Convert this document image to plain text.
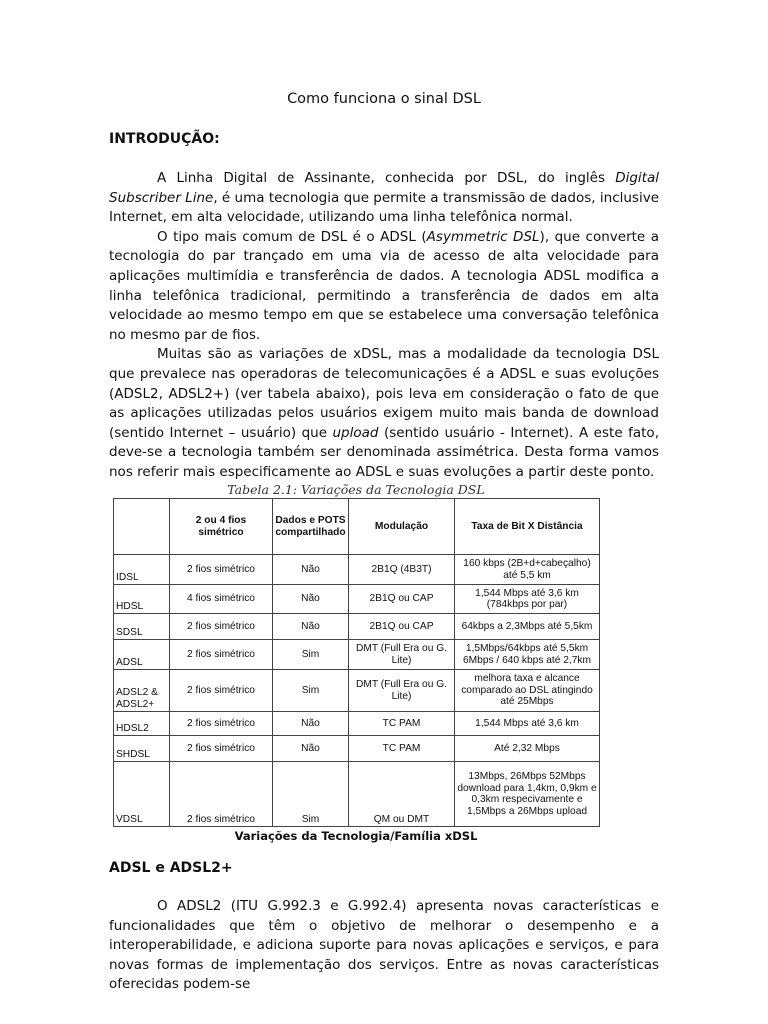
Como funciona o sinal DSL
INTRODUÇÃO:

A Linha Digital de Assinante, conhecida por DSL, do inglês Digital Subscriber Line, é uma tecnologia que permite a transmissão de dados, inclusive Internet, em alta velocidade, utilizando uma linha telefônica normal.

O tipo mais comum de DSL é o ADSL (Asymmetric DSL), que converte a tecnologia do par trançado em uma via de acesso de alta velocidade para aplicações multimídia e transferência de dados. A tecnologia ADSL modifica a linha telefônica tradicional, permitindo a transferência de dados em alta velocidade ao mesmo tempo em que se estabelece uma conversação telefônica no mesmo par de fios.

Muitas são as variações de xDSL, mas a modalidade da tecnologia DSL que prevalece nas operadoras de telecomunicações é a ADSL e suas evoluções (ADSL2, ADSL2+) (ver tabela abaixo), pois leva em consideração o fato de que as aplicações utilizadas pelos usuários exigem muito mais banda de download (sentido Internet – usuário) que upload (sentido usuário - Internet). A este fato, deve-se a tecnologia também ser denominada assimétrica. Desta forma vamos nos referir mais especificamente ao ADSL e suas evoluções a partir deste ponto.

Tabela 2.1: Variações da Tecnologia DSL
	2 ou 4 fios simétrico	Dados e POTS compartilhado	Modulação	Taxa de Bit X Distância
IDSL	2 fios simétrico	Não	2B1Q (4B3T)	160 kbps (2B+d+cabeçalho) até 5,5 km
HDSL	4 fios simétrico	Não	2B1Q ou CAP	1,544 Mbps até 3,6 km (784kbps por par)
SDSL	2 fios simétrico	Não	2B1Q ou CAP	64kbps a 2,3Mbps até 5,5km
ADSL	2 fios simétrico	Sim	DMT (Full Era ou G. Lite)	1,5Mbps/64kbps até 5,5km 6Mbps / 640 kbps até 2,7km
ADSL2 & ADSL2+	2 fios simétrico	Sim	DMT (Full Era ou G. Lite)	melhora taxa e alcance comparado ao DSL atingindo até 25Mbps
HDSL2	2 fios simétrico	Não	TC PAM	1,544 Mbps até 3,6 km
SHDSL	2 fios simétrico	Não	TC PAM	Até 2,32 Mbps
VDSL	2 fios simétrico	Sim	QM ou DMT	13Mbps, 26Mbps 52Mbps download para 1,4km, 0,9km e 0,3km respecivamente e 1,5Mbps a 26Mbps upload
Variações da Tecnologia/Família xDSL
ADSL e ADSL2+

O ADSL2 (ITU G.992.3 e G.992.4) apresenta novas características e funcionalidades que têm o objetivo de melhorar o desempenho e a interoperabilidade, e adiciona suporte para novas aplicações e serviços, e para novas formas de implementação dos serviços. Entre as novas características oferecidas podem-se
